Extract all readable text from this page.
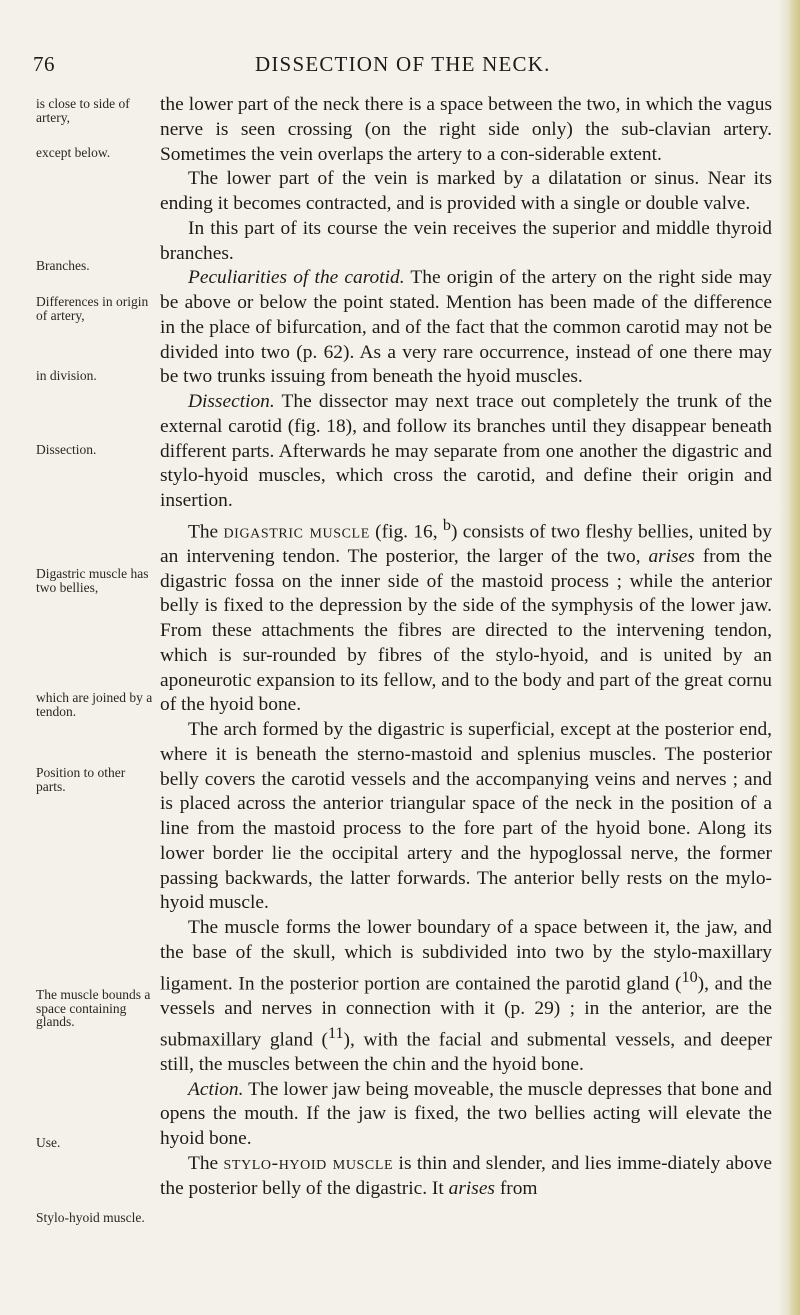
76	DISSECTION OF THE NECK.
is close to side of artery,
except below.
Branches.
Differences in origin of artery,
in division.
Dissection.
Digastric muscle has two bellies,
which are joined by a tendon.
Position to other parts.
The muscle bounds a space containing glands.
Use.
Stylo-hyoid muscle.

the lower part of the neck there is a space between the two, in which the vagus nerve is seen crossing (on the right side only) the sub-clavian artery. Sometimes the vein overlaps the artery to a con-siderable extent.

The lower part of the vein is marked by a dilatation or sinus. Near its ending it becomes contracted, and is provided with a single or double valve.

In this part of its course the vein receives the superior and middle thyroid branches.

Peculiarities of the carotid. The origin of the artery on the right side may be above or below the point stated. Mention has been made of the difference in the place of bifurcation, and of the fact that the common carotid may not be divided into two (p. 62). As a very rare occurrence, instead of one there may be two trunks issuing from beneath the hyoid muscles.

Dissection. The dissector may next trace out completely the trunk of the external carotid (fig. 18), and follow its branches until they disappear beneath different parts. Afterwards he may separate from one another the digastric and stylo-hyoid muscles, which cross the carotid, and define their origin and insertion.

The digastric muscle (fig. 16, $^b$) consists of two fleshy bellies, united by an intervening tendon. The posterior, the larger of the two, arises from the digastric fossa on the inner side of the mastoid process ; while the anterior belly is fixed to the depression by the side of the symphysis of the lower jaw. From these attachments the fibres are directed to the intervening tendon, which is sur-rounded by fibres of the stylo-hyoid, and is united by an aponeurotic expansion to its fellow, and to the body and part of the great cornu of the hyoid bone.

The arch formed by the digastric is superficial, except at the posterior end, where it is beneath the sterno-mastoid and splenius muscles. The posterior belly covers the carotid vessels and the accompanying veins and nerves ; and is placed across the anterior triangular space of the neck in the position of a line from the mastoid process to the fore part of the hyoid bone. Along its lower border lie the occipital artery and the hypoglossal nerve, the former passing backwards, the latter forwards. The anterior belly rests on the mylo-hyoid muscle.

The muscle forms the lower boundary of a space between it, the jaw, and the base of the skull, which is subdivided into two by the stylo-maxillary ligament. In the posterior portion are contained the parotid gland ($^{10}$), and the vessels and nerves in connection with it (p. 29) ; in the anterior, are the submaxillary gland ($^{11}$), with the facial and submental vessels, and deeper still, the muscles between the chin and the hyoid bone.

Action. The lower jaw being moveable, the muscle depresses that bone and opens the mouth. If the jaw is fixed, the two bellies acting will elevate the hyoid bone.

The stylo-hyoid muscle is thin and slender, and lies imme-diately above the posterior belly of the digastric. It arises from
